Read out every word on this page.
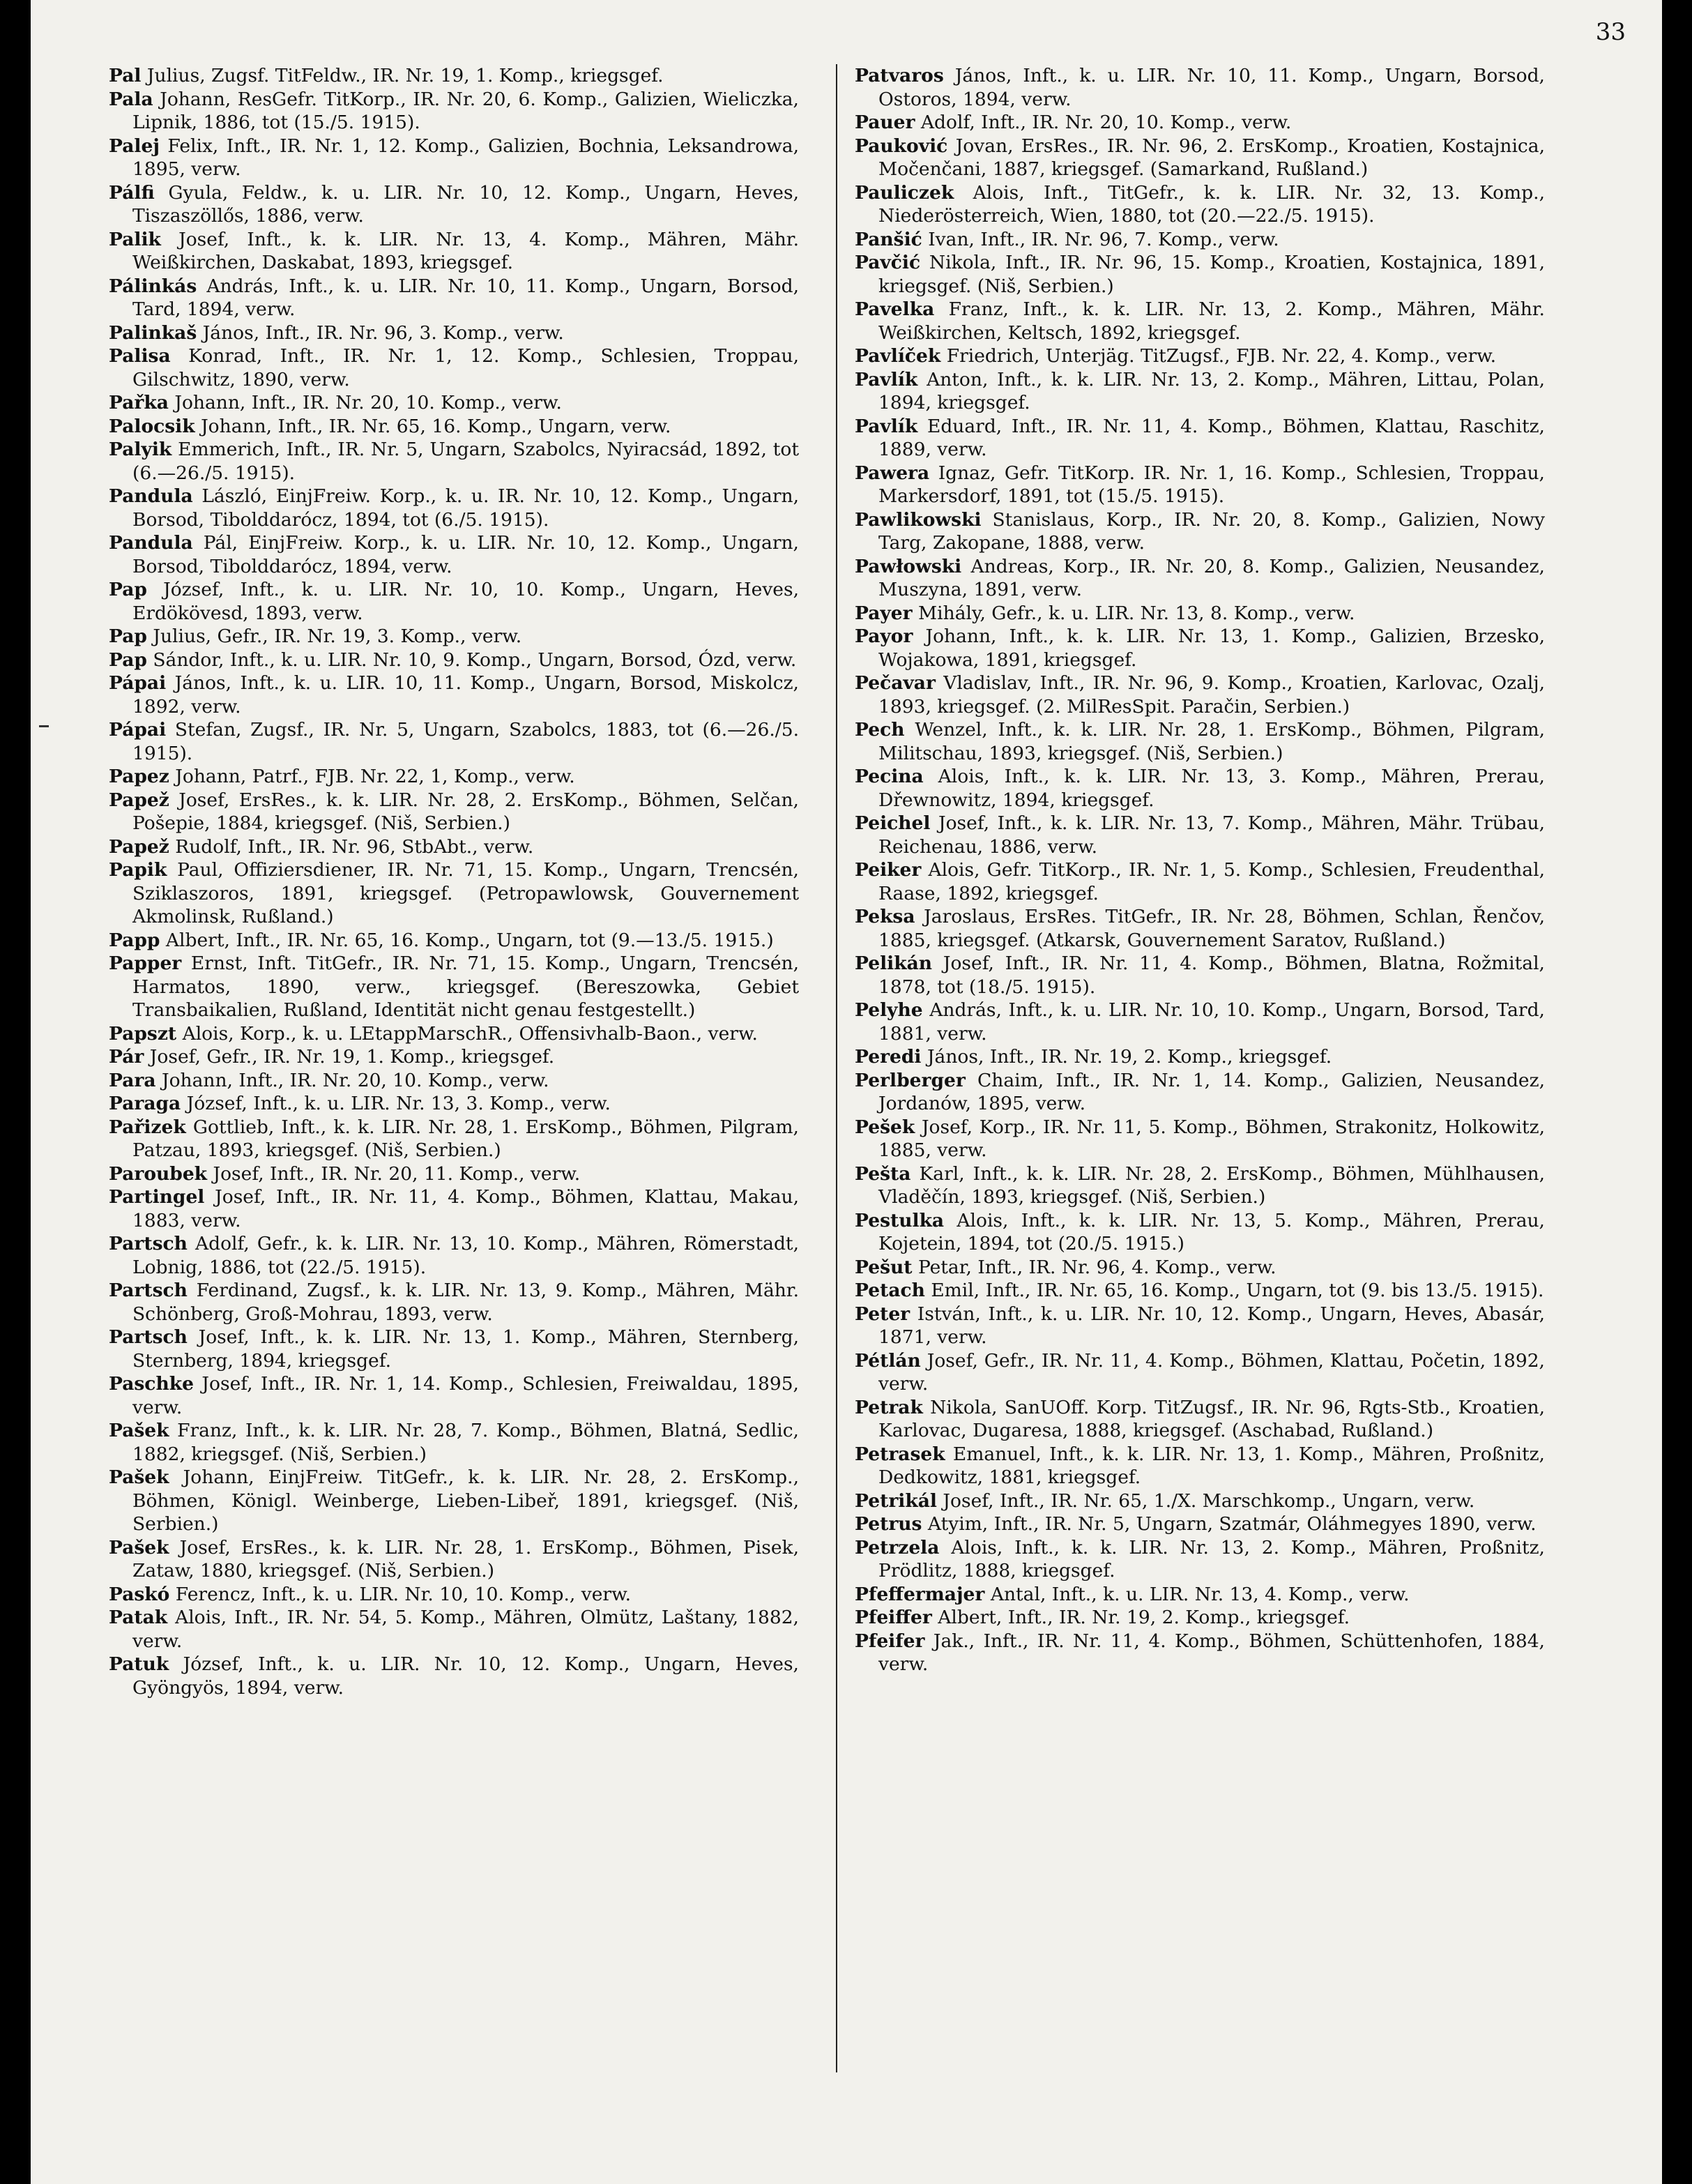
33
Pal Julius, Zugsf. TitFeldw., IR. Nr. 19, 1. Komp., kriegsgef.
Pala Johann, ResGefr. TitKorp., IR. Nr. 20, 6. Komp., Galizien, Wieliczka, Lipnik, 1886, tot (15./5. 1915).
Palej Felix, Inft., IR. Nr. 1, 12. Komp., Galizien, Bochnia, Leksandrowa, 1895, verw.
Pálfi Gyula, Feldw., k. u. LIR. Nr. 10, 12. Komp., Ungarn, Heves, Tiszaszöllős, 1886, verw.
Palik Josef, Inft., k. k. LIR. Nr. 13, 4. Komp., Mähren, Mähr. Weißkirchen, Daskabat, 1893, kriegsgef.
Pálinkás András, Inft., k. u. LIR. Nr. 10, 11. Komp., Ungarn, Borsod, Tard, 1894, verw.
Palinkaš János, Inft., IR. Nr. 96, 3. Komp., verw.
Palisa Konrad, Inft., IR. Nr. 1, 12. Komp., Schlesien, Troppau, Gilschwitz, 1890, verw.
Pařka Johann, Inft., IR. Nr. 20, 10. Komp., verw.
Palocsik Johann, Inft., IR. Nr. 65, 16. Komp., Ungarn, verw.
Palyik Emmerich, Inft., IR. Nr. 5, Ungarn, Szabolcs, Nyiracsád, 1892, tot (6.—26./5. 1915).
Pandula László, EinjFreiw. Korp., k. u. IR. Nr. 10, 12. Komp., Ungarn, Borsod, Tibolddarócz, 1894, tot (6./5. 1915).
Pandula Pál, EinjFreiw. Korp., k. u. LIR. Nr. 10, 12. Komp., Ungarn, Borsod, Tibolddarócz, 1894, verw.
Pap József, Inft., k. u. LIR. Nr. 10, 10. Komp., Ungarn, Heves, Erdökövesd, 1893, verw.
Pap Julius, Gefr., IR. Nr. 19, 3. Komp., verw.
Pap Sándor, Inft., k. u. LIR. Nr. 10, 9. Komp., Ungarn, Borsod, Ózd, verw.
Pápai János, Inft., k. u. LIR. 10, 11. Komp., Ungarn, Borsod, Miskolcz, 1892, verw.
Pápai Stefan, Zugsf., IR. Nr. 5, Ungarn, Szabolcs, 1883, tot (6.—26./5. 1915).
Papez Johann, Patrf., FJB. Nr. 22, 1, Komp., verw.
Papež Josef, ErsRes., k. k. LIR. Nr. 28, 2. ErsKomp., Böhmen, Selčan, Pošepie, 1884, kriegsgef. (Niš, Serbien.)
Papež Rudolf, Inft., IR. Nr. 96, StbAbt., verw.
Papik Paul, Offiziersdiener, IR. Nr. 71, 15. Komp., Ungarn, Trencsén, Sziklaszoros, 1891, kriegsgef. (Petropawlowsk, Gouvernement Akmolinsk, Rußland.)
Papp Albert, Inft., IR. Nr. 65, 16. Komp., Ungarn, tot (9.—13./5. 1915.)
Papper Ernst, Inft. TitGefr., IR. Nr. 71, 15. Komp., Ungarn, Trencsén, Harmatos, 1890, verw., kriegsgef. (Bereszowka, Gebiet Transbaikalien, Rußland, Identität nicht genau festgestellt.)
Papszt Alois, Korp., k. u. LEtappMarschR., Offensivhalb-Baon., verw.
Pár Josef, Gefr., IR. Nr. 19, 1. Komp., kriegsgef.
Para Johann, Inft., IR. Nr. 20, 10. Komp., verw.
Paraga József, Inft., k. u. LIR. Nr. 13, 3. Komp., verw.
Pařizek Gottlieb, Inft., k. k. LIR. Nr. 28, 1. ErsKomp., Böhmen, Pilgram, Patzau, 1893, kriegsgef. (Niš, Serbien.)
Paroubek Josef, Inft., IR. Nr. 20, 11. Komp., verw.
Partingel Josef, Inft., IR. Nr. 11, 4. Komp., Böhmen, Klattau, Makau, 1883, verw.
Partsch Adolf, Gefr., k. k. LIR. Nr. 13, 10. Komp., Mähren, Römerstadt, Lobnig, 1886, tot (22./5. 1915).
Partsch Ferdinand, Zugsf., k. k. LIR. Nr. 13, 9. Komp., Mähren, Mähr. Schönberg, Groß-Mohrau, 1893, verw.
Partsch Josef, Inft., k. k. LIR. Nr. 13, 1. Komp., Mähren, Sternberg, Sternberg, 1894, kriegsgef.
Paschke Josef, Inft., IR. Nr. 1, 14. Komp., Schlesien, Freiwaldau, 1895, verw.
Pašek Franz, Inft., k. k. LIR. Nr. 28, 7. Komp., Böhmen, Blatná, Sedlic, 1882, kriegsgef. (Niš, Serbien.)
Pašek Johann, EinjFreiw. TitGefr., k. k. LIR. Nr. 28, 2. ErsKomp., Böhmen, Königl. Weinberge, Lieben-Libeř, 1891, kriegsgef. (Niš, Serbien.)
Pašek Josef, ErsRes., k. k. LIR. Nr. 28, 1. ErsKomp., Böhmen, Pisek, Zataw, 1880, kriegsgef. (Niš, Serbien.)
Paskó Ferencz, Inft., k. u. LIR. Nr. 10, 10. Komp., verw.
Patak Alois, Inft., IR. Nr. 54, 5. Komp., Mähren, Olmütz, Laštany, 1882, verw.
Patuk József, Inft., k. u. LIR. Nr. 10, 12. Komp., Ungarn, Heves, Gyöngyös, 1894, verw.
Patvaros János, Inft., k. u. LIR. Nr. 10, 11. Komp., Ungarn, Borsod, Ostoros, 1894, verw.
Pauer Adolf, Inft., IR. Nr. 20, 10. Komp., verw.
Pauković Jovan, ErsRes., IR. Nr. 96, 2. ErsKomp., Kroatien, Kostajnica, Močenčani, 1887, kriegsgef. (Samarkand, Rußland.)
Pauliczek Alois, Inft., TitGefr., k. k. LIR. Nr. 32, 13. Komp., Niederösterreich, Wien, 1880, tot (20.—22./5. 1915).
Panšić Ivan, Inft., IR. Nr. 96, 7. Komp., verw.
Pavčić Nikola, Inft., IR. Nr. 96, 15. Komp., Kroatien, Kostajnica, 1891, kriegsgef. (Niš, Serbien.)
Pavelka Franz, Inft., k. k. LIR. Nr. 13, 2. Komp., Mähren, Mähr. Weißkirchen, Keltsch, 1892, kriegsgef.
Pavlíček Friedrich, Unterjäg. TitZugsf., FJB. Nr. 22, 4. Komp., verw.
Pavlík Anton, Inft., k. k. LIR. Nr. 13, 2. Komp., Mähren, Littau, Polan, 1894, kriegsgef.
Pavlík Eduard, Inft., IR. Nr. 11, 4. Komp., Böhmen, Klattau, Raschitz, 1889, verw.
Pawera Ignaz, Gefr. TitKorp. IR. Nr. 1, 16. Komp., Schlesien, Troppau, Markersdorf, 1891, tot (15./5. 1915).
Pawlikowski Stanislaus, Korp., IR. Nr. 20, 8. Komp., Galizien, Nowy Targ, Zakopane, 1888, verw.
Pawłowski Andreas, Korp., IR. Nr. 20, 8. Komp., Galizien, Neusandez, Muszyna, 1891, verw.
Payer Mihály, Gefr., k. u. LIR. Nr. 13, 8. Komp., verw.
Payor Johann, Inft., k. k. LIR. Nr. 13, 1. Komp., Galizien, Brzesko, Wojakowa, 1891, kriegsgef.
Pečavar Vladislav, Inft., IR. Nr. 96, 9. Komp., Kroatien, Karlovac, Ozalj, 1893, kriegsgef. (2. MilResSpit. Paračin, Serbien.)
Pech Wenzel, Inft., k. k. LIR. Nr. 28, 1. ErsKomp., Böhmen, Pilgram, Militschau, 1893, kriegsgef. (Niš, Serbien.)
Pecina Alois, Inft., k. k. LIR. Nr. 13, 3. Komp., Mähren, Prerau, Dřewnowitz, 1894, kriegsgef.
Peichel Josef, Inft., k. k. LIR. Nr. 13, 7. Komp., Mähren, Mähr. Trübau, Reichenau, 1886, verw.
Peiker Alois, Gefr. TitKorp., IR. Nr. 1, 5. Komp., Schlesien, Freudenthal, Raase, 1892, kriegsgef.
Peksa Jaroslaus, ErsRes. TitGefr., IR. Nr. 28, Böhmen, Schlan, Řenčov, 1885, kriegsgef. (Atkarsk, Gouvernement Saratov, Rußland.)
Pelikán Josef, Inft., IR. Nr. 11, 4. Komp., Böhmen, Blatna, Rožmital, 1878, tot (18./5. 1915).
Pelyhe András, Inft., k. u. LIR. Nr. 10, 10. Komp., Ungarn, Borsod, Tard, 1881, verw.
Peredi János, Inft., IR. Nr. 19, 2. Komp., kriegsgef.
Perlberger Chaim, Inft., IR. Nr. 1, 14. Komp., Galizien, Neusandez, Jordanów, 1895, verw.
Pešek Josef, Korp., IR. Nr. 11, 5. Komp., Böhmen, Strakonitz, Holkowitz, 1885, verw.
Pešta Karl, Inft., k. k. LIR. Nr. 28, 2. ErsKomp., Böhmen, Mühlhausen, Vladěčín, 1893, kriegsgef. (Niš, Serbien.)
Pestulka Alois, Inft., k. k. LIR. Nr. 13, 5. Komp., Mähren, Prerau, Kojetein, 1894, tot (20./5. 1915.)
Pešut Petar, Inft., IR. Nr. 96, 4. Komp., verw.
Petach Emil, Inft., IR. Nr. 65, 16. Komp., Ungarn, tot (9. bis 13./5. 1915).
Peter István, Inft., k. u. LIR. Nr. 10, 12. Komp., Ungarn, Heves, Abasár, 1871, verw.
Pétlán Josef, Gefr., IR. Nr. 11, 4. Komp., Böhmen, Klattau, Početin, 1892, verw.
Petrak Nikola, SanUOff. Korp. TitZugsf., IR. Nr. 96, Rgts-Stb., Kroatien, Karlovac, Dugaresa, 1888, kriegsgef. (Aschabad, Rußland.)
Petrasek Emanuel, Inft., k. k. LIR. Nr. 13, 1. Komp., Mähren, Proßnitz, Dedkowitz, 1881, kriegsgef.
Petrikál Josef, Inft., IR. Nr. 65, 1./X. Marschkomp., Ungarn, verw.
Petrus Atyim, Inft., IR. Nr. 5, Ungarn, Szatmár, Oláhmegyes 1890, verw.
Petrzela Alois, Inft., k. k. LIR. Nr. 13, 2. Komp., Mähren, Proßnitz, Prödlitz, 1888, kriegsgef.
Pfeffermajer Antal, Inft., k. u. LIR. Nr. 13, 4. Komp., verw.
Pfeiffer Albert, Inft., IR. Nr. 19, 2. Komp., kriegsgef.
Pfeifer Jak., Inft., IR. Nr. 11, 4. Komp., Böhmen, Schüttenhofen, 1884, verw.
